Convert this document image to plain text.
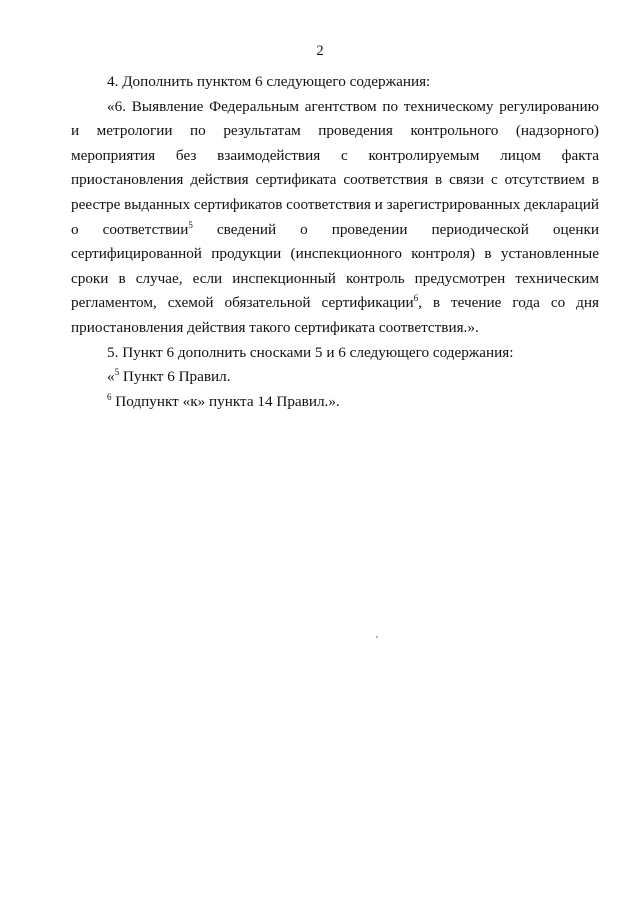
2

4. Дополнить пунктом 6 следующего содержания:

«6. Выявление Федеральным агентством по техническому регулированию и метрологии по результатам проведения контрольного (надзорного) мероприятия без взаимодействия с контролируемым лицом факта приостановления действия сертификата соответствия в связи с отсутствием в реестре выданных сертификатов соответствия и зарегистрированных деклараций о соответствии$^5$ сведений о проведении периодической оценки сертифицированной продукции (инспекционного контроля) в установленные сроки в случае, если инспекционный контроль предусмотрен техническим регламентом, схемой обязательной сертификации$^6$, в течение года со дня приостановления действия такого сертификата соответствия.».

5. Пункт 6 дополнить сносками 5 и 6 следующего содержания:

«$^5$ Пункт 6 Правил.

$^6$ Подпункт «к» пункта 14 Правил.».
